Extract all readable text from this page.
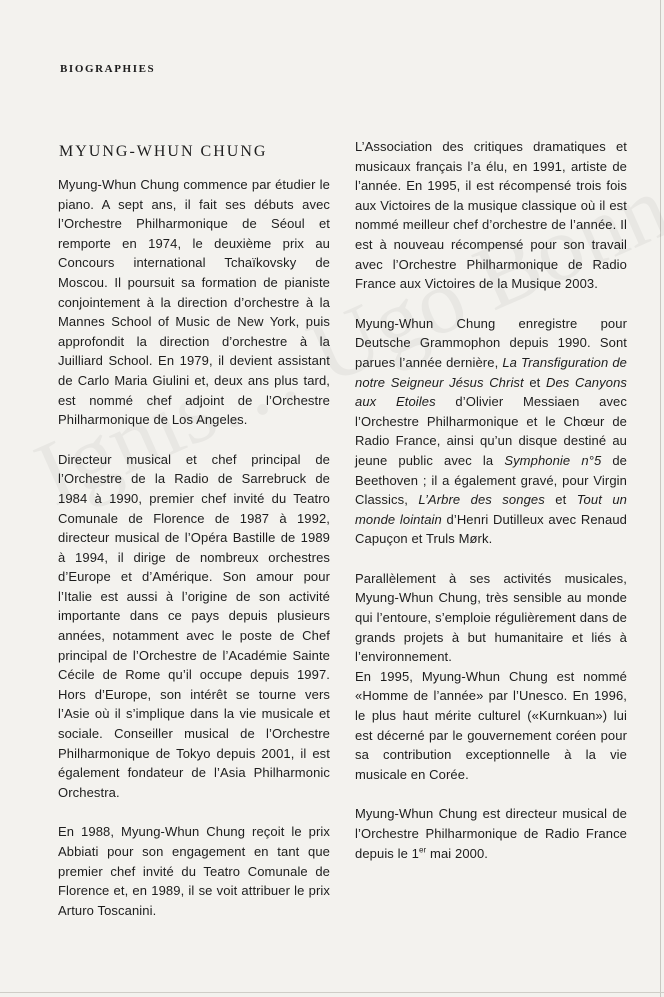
BIOGRAPHIES
MYUNG-WHUN CHUNG

Myung-Whun Chung commence par étudier le piano. A sept ans, il fait ses débuts avec l’Orchestre Philharmonique de Séoul et remporte en 1974, le deuxième prix au Concours international Tchaïkovsky de Moscou. Il poursuit sa formation de pianiste conjointement à la direction d’orchestre à la Mannes School of Music de New York, puis approfondit la direction d’orchestre à la Juilliard School. En 1979, il devient assistant de Carlo Maria Giulini et, deux ans plus tard, est nommé chef adjoint de l’Orchestre Philharmonique de Los Angeles.

Directeur musical et chef principal de l’Orchestre de la Radio de Sarrebruck de 1984 à 1990, premier chef invité du Teatro Comunale de Florence de 1987 à 1992, directeur musical de l’Opéra Bastille de 1989 à 1994, il dirige de nombreux orchestres d’Europe et d’Amérique. Son amour pour l’Italie est aussi à l’origine de son activité importante dans ce pays depuis plusieurs années, notamment avec le poste de Chef principal de l’Orchestre de l’Académie Sainte Cécile de Rome qu’il occupe depuis 1997. Hors d’Europe, son intérêt se tourne vers l’Asie où il s’implique dans la vie musicale et sociale. Conseiller musical de l’Orchestre Philharmonique de Tokyo depuis 2001, il est également fondateur de l’Asia Philharmonic Orchestra.

En 1988, Myung-Whun Chung reçoit le prix Abbiati pour son engagement en tant que premier chef invité du Teatro Comunale de Florence et, en 1989, il se voit attribuer le prix Arturo Toscanini.

L’Association des critiques dramatiques et musicaux français l’a élu, en 1991, artiste de l’année. En 1995, il est récompensé trois fois aux Victoires de la musique classique où il est nommé meilleur chef d’orchestre de l’année. Il est à nouveau récompensé pour son travail avec l’Orchestre Philharmonique de Radio France aux Victoires de la Musique 2003.

Myung-Whun Chung enregistre pour Deutsche Grammophon depuis 1990. Sont parues l’année dernière, La Transfiguration de notre Seigneur Jésus Christ et Des Canyons aux Etoiles d’Olivier Messiaen avec l’Orchestre Philharmonique et le Chœur de Radio France, ainsi qu’un disque destiné au jeune public avec la Symphonie n°5 de Beethoven ; il a également gravé, pour Virgin Classics, L’Arbre des songes et Tout un monde lointain d’Henri Dutilleux avec Renaud Capuçon et Truls Mørk.

Parallèlement à ses activités musicales, Myung-Whun Chung, très sensible au monde qui l’entoure, s’emploie régulièrement dans de grands projets à but humanitaire et liés à l’environnement.

En 1995, Myung-Whun Chung est nommé «Homme de l’année» par l’Unesco. En 1996, le plus haut mérite culturel («Kurnkuan») lui est décerné par le gouvernement coréen pour sa contribution exceptionnelle à la vie musicale en Corée.

Myung-Whun Chung est directeur musical de l’Orchestre Philharmonique de Radio France depuis le 1er mai 2000.
